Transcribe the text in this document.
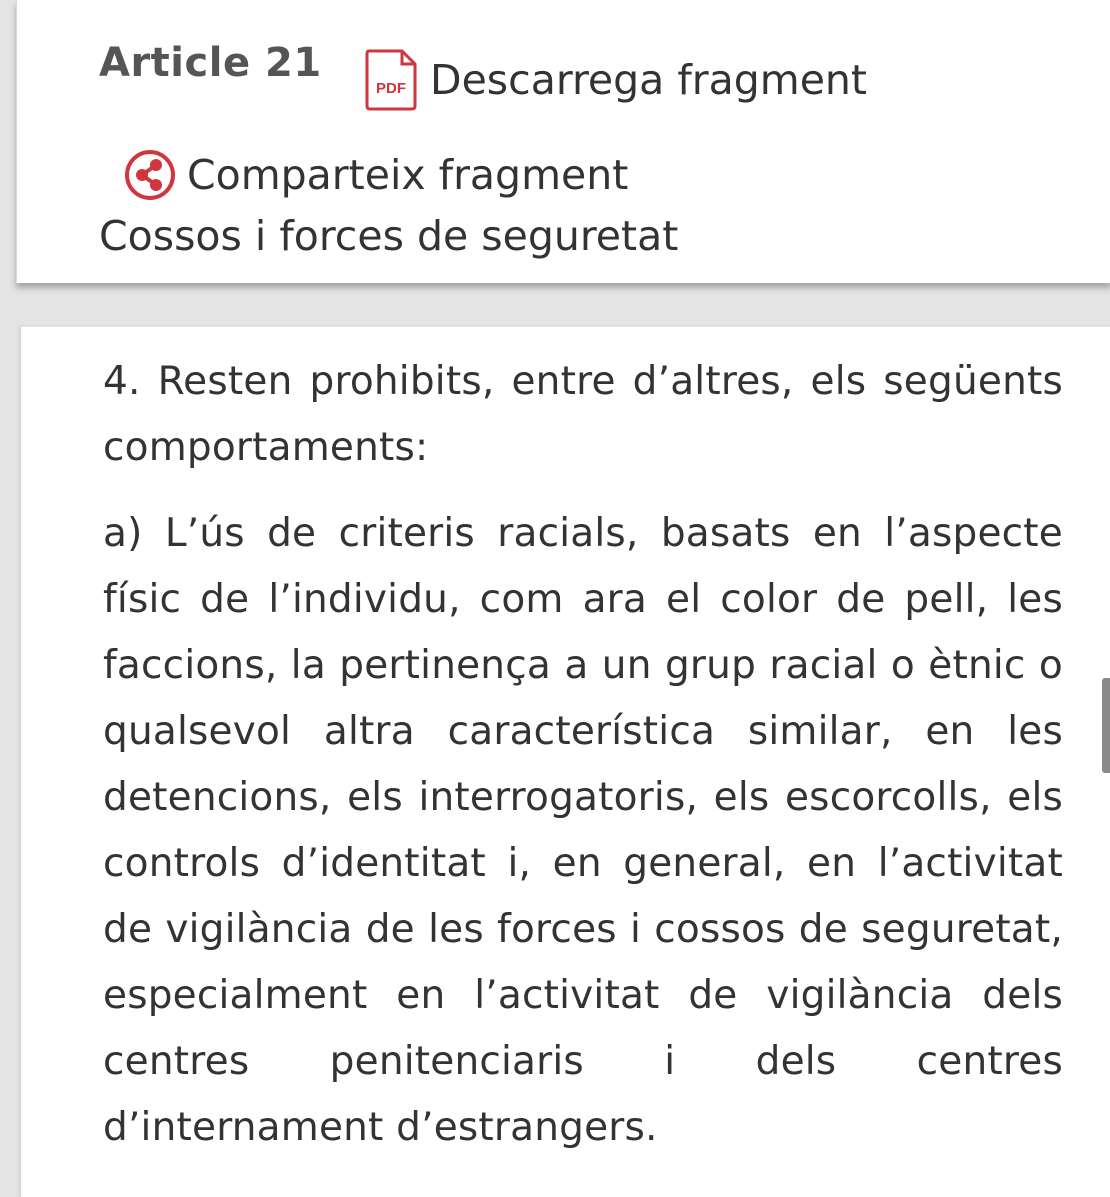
Article 21
PDF Descarrega fragment
Comparteix fragment
Cossos i forces de seguretat

4. Resten prohibits, entre d’altres, els següents comportaments:

a) L’ús de criteris racials, basats en l’aspecte físic de l’individu, com ara el color de pell, les faccions, la pertinença a un grup racial o ètnic o qualsevol altra característica similar, en les detencions, els interrogatoris, els escorcolls, els controls d’identitat i, en general, en l’activitat de vigilància de les forces i cossos de seguretat, especialment en l’activitat de vigilància dels centres penitenciaris i dels centres d’internament d’estrangers.
